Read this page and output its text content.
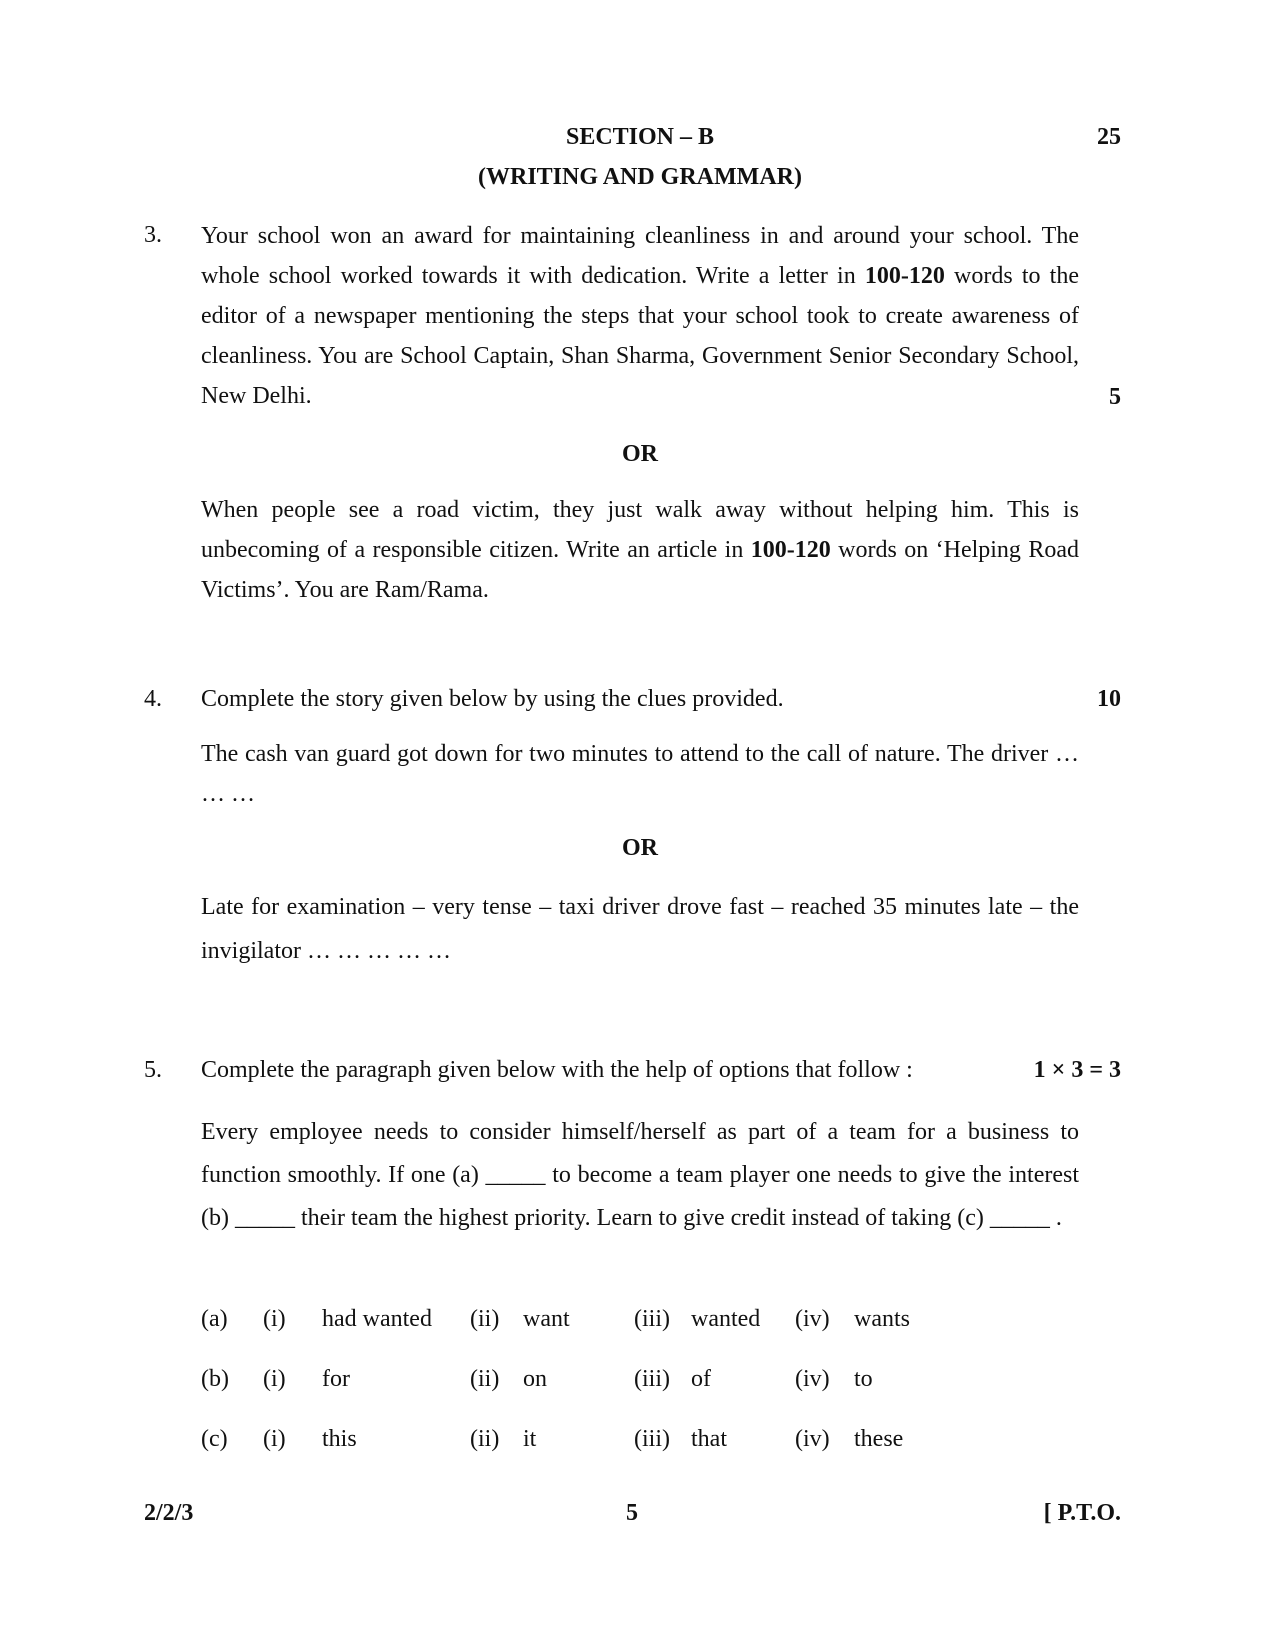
SECTION – B	25
(WRITING AND GRAMMAR)
3. Your school won an award for maintaining cleanliness in and around your school. The whole school worked towards it with dedication. Write a letter in 100-120 words to the editor of a newspaper mentioning the steps that your school took to create awareness of cleanliness. You are School Captain, Shan Sharma, Government Senior Secondary School, New Delhi.	5
OR
When people see a road victim, they just walk away without helping him. This is unbecoming of a responsible citizen. Write an article in 100-120 words on ‘Helping Road Victims’. You are Ram/Rama.
4. Complete the story given below by using the clues provided.	10
The cash van guard got down for two minutes to attend to the call of nature. The driver … … …
OR
Late for examination – very tense – taxi driver drove fast – reached 35 minutes late – the invigilator … … … … …
5. Complete the paragraph given below with the help of options that follow :	1 × 3 = 3
Every employee needs to consider himself/herself as part of a team for a business to function smoothly. If one (a) _____ to become a team player one needs to give the interest (b) _____ their team the highest priority. Learn to give credit instead of taking (c) _____ .
(a) (i) had wanted (ii) want	(iii) wanted (iv) wants
(b) (i) for	(ii) on	(iii) of	(iv) to
(c) (i) this	(ii) it	(iii) that	(iv) these
2/2/3	5	[ P.T.O.
